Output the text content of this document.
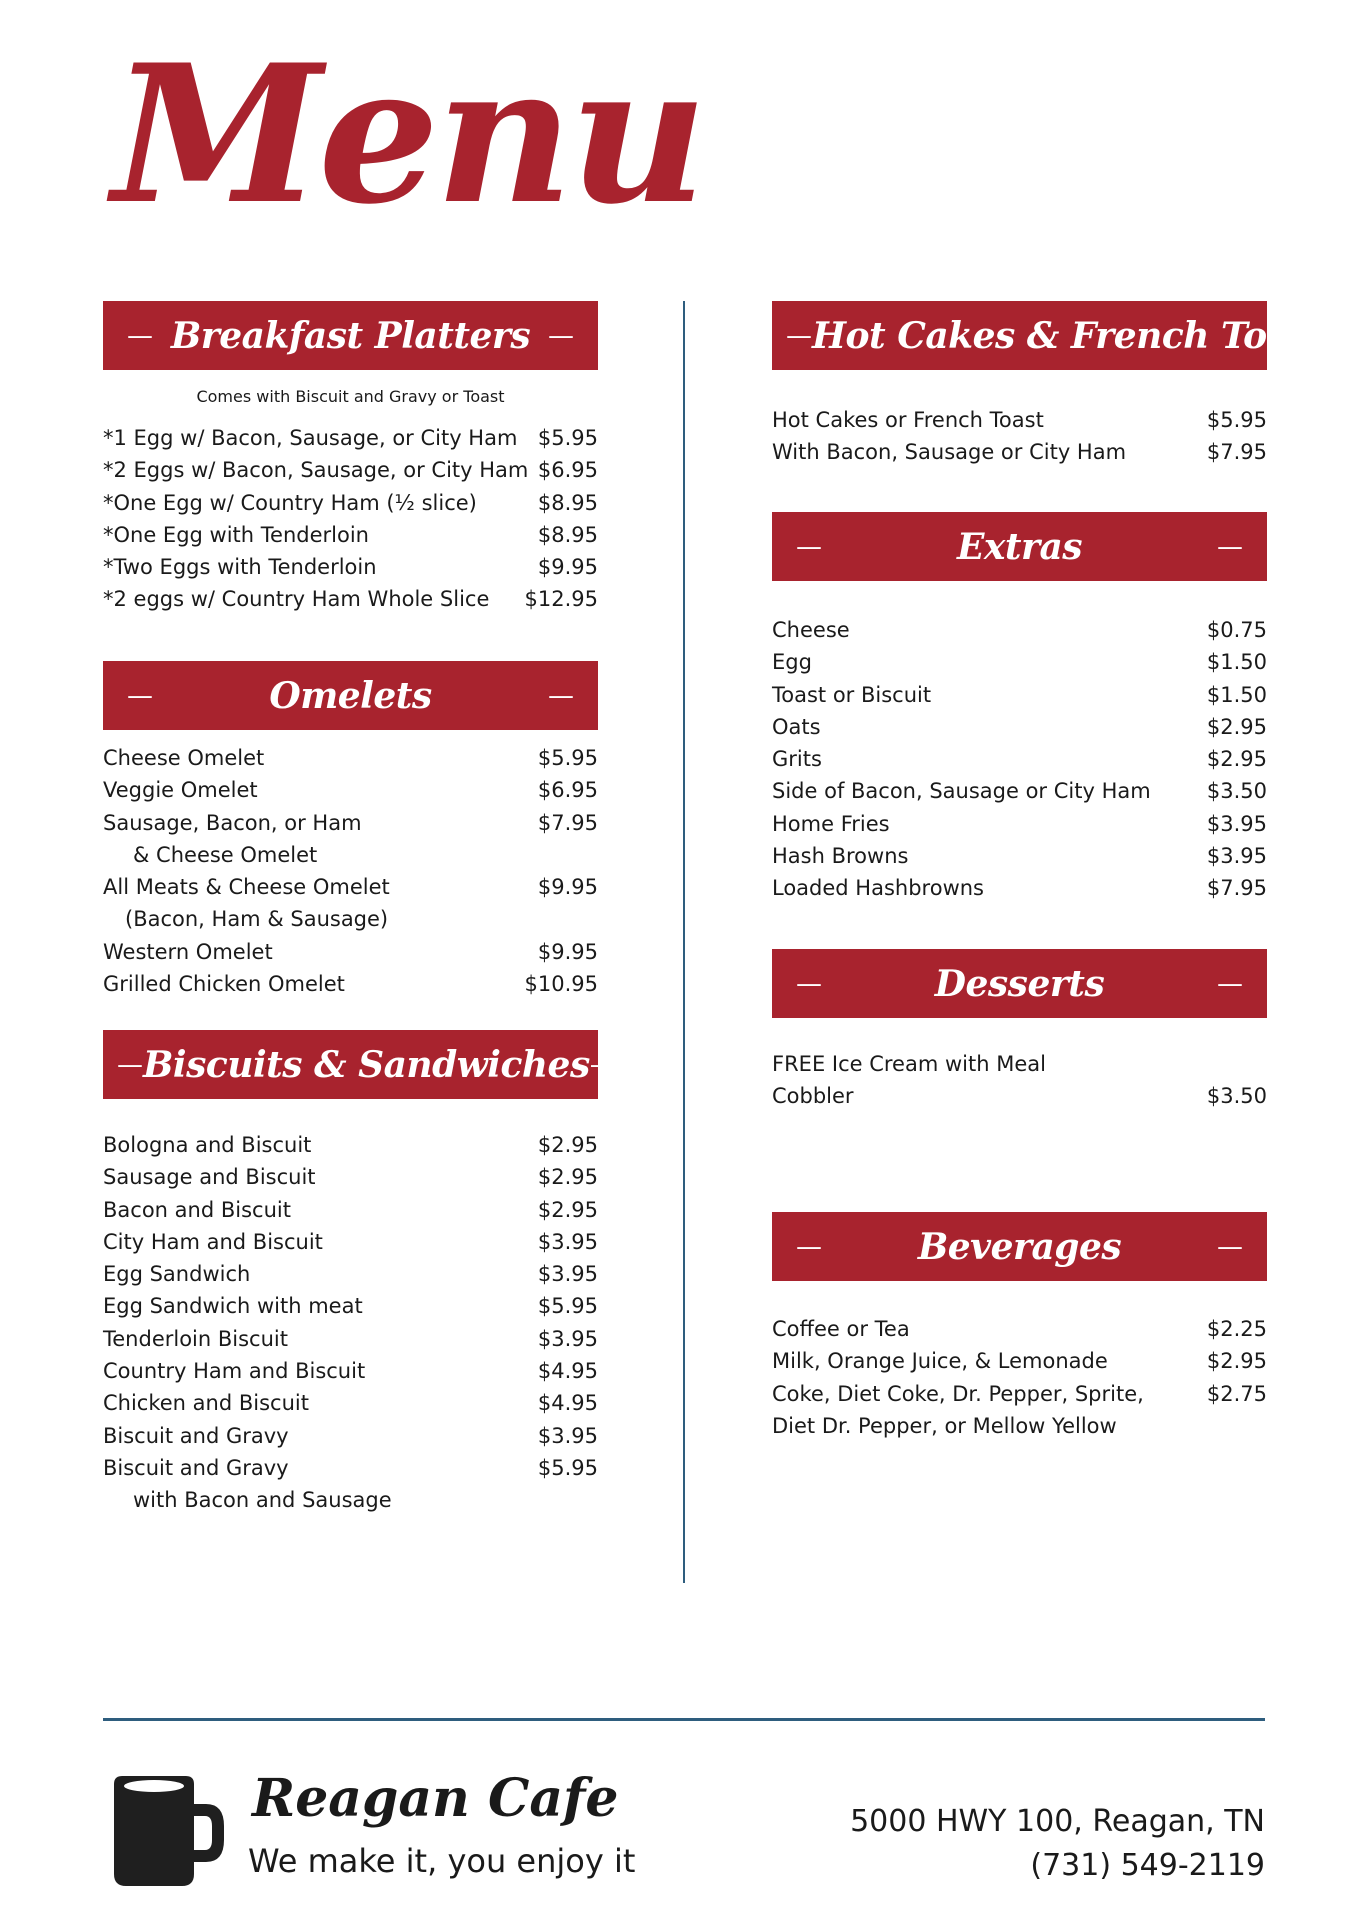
Menu
— Breakfast Platters —
Comes with Biscuit and Gravy or Toast
*1 Egg w/ Bacon, Sausage, or City Ham $5.95
*2 Eggs w/ Bacon, Sausage, or City Ham $6.95
*One Egg w/ Country Ham (½ slice)	$8.95
*One Egg with Tenderloin	$8.95
*Two Eggs with Tenderloin	$9.95
*2 eggs w/ Country Ham Whole Slice $12.95
—	Omelets	—
Cheese Omelet	$5.95
Veggie Omelet	$6.95
Sausage, Bacon, or Ham	$7.95
& Cheese Omelet
All Meats & Cheese Omelet	$9.95
(Bacon, Ham & Sausage)
Western Omelet	$9.95
Grilled Chicken Omelet	$10.95
— Biscuits & Sandwiches —
Bologna and Biscuit	$2.95
Sausage and Biscuit	$2.95
Bacon and Biscuit	$2.95
City Ham and Biscuit	$3.95
Egg Sandwich	$3.95
Egg Sandwich with meat	$5.95
Tenderloin Biscuit	$3.95
Country Ham and Biscuit	$4.95
Chicken and Biscuit	$4.95
Biscuit and Gravy	$3.95
Biscuit and Gravy	$5.95
with Bacon and Sausage
— Hot Cakes & French Toast —
Hot Cakes or French Toast	$5.95
With Bacon, Sausage or City Ham	$7.95
—	Extras	—
Cheese	$0.75
Egg	$1.50
Toast or Biscuit	$1.50
Oats	$2.95
Grits	$2.95
Side of Bacon, Sausage or City Ham	$3.50
Home Fries	$3.95
Hash Browns	$3.95
Loaded Hashbrowns	$7.95
—	Desserts	—
FREE Ice Cream with Meal
Cobbler	$3.50
—	Beverages	—
Coffee or Tea	$2.25
Milk, Orange Juice, & Lemonade	$2.95
Coke, Diet Coke, Dr. Pepper, Sprite,	$2.75
Diet Dr. Pepper, or Mellow Yellow
Reagan Cafe
We make it, you enjoy it
5000 HWY 100, Reagan, TN
(731) 549-2119
